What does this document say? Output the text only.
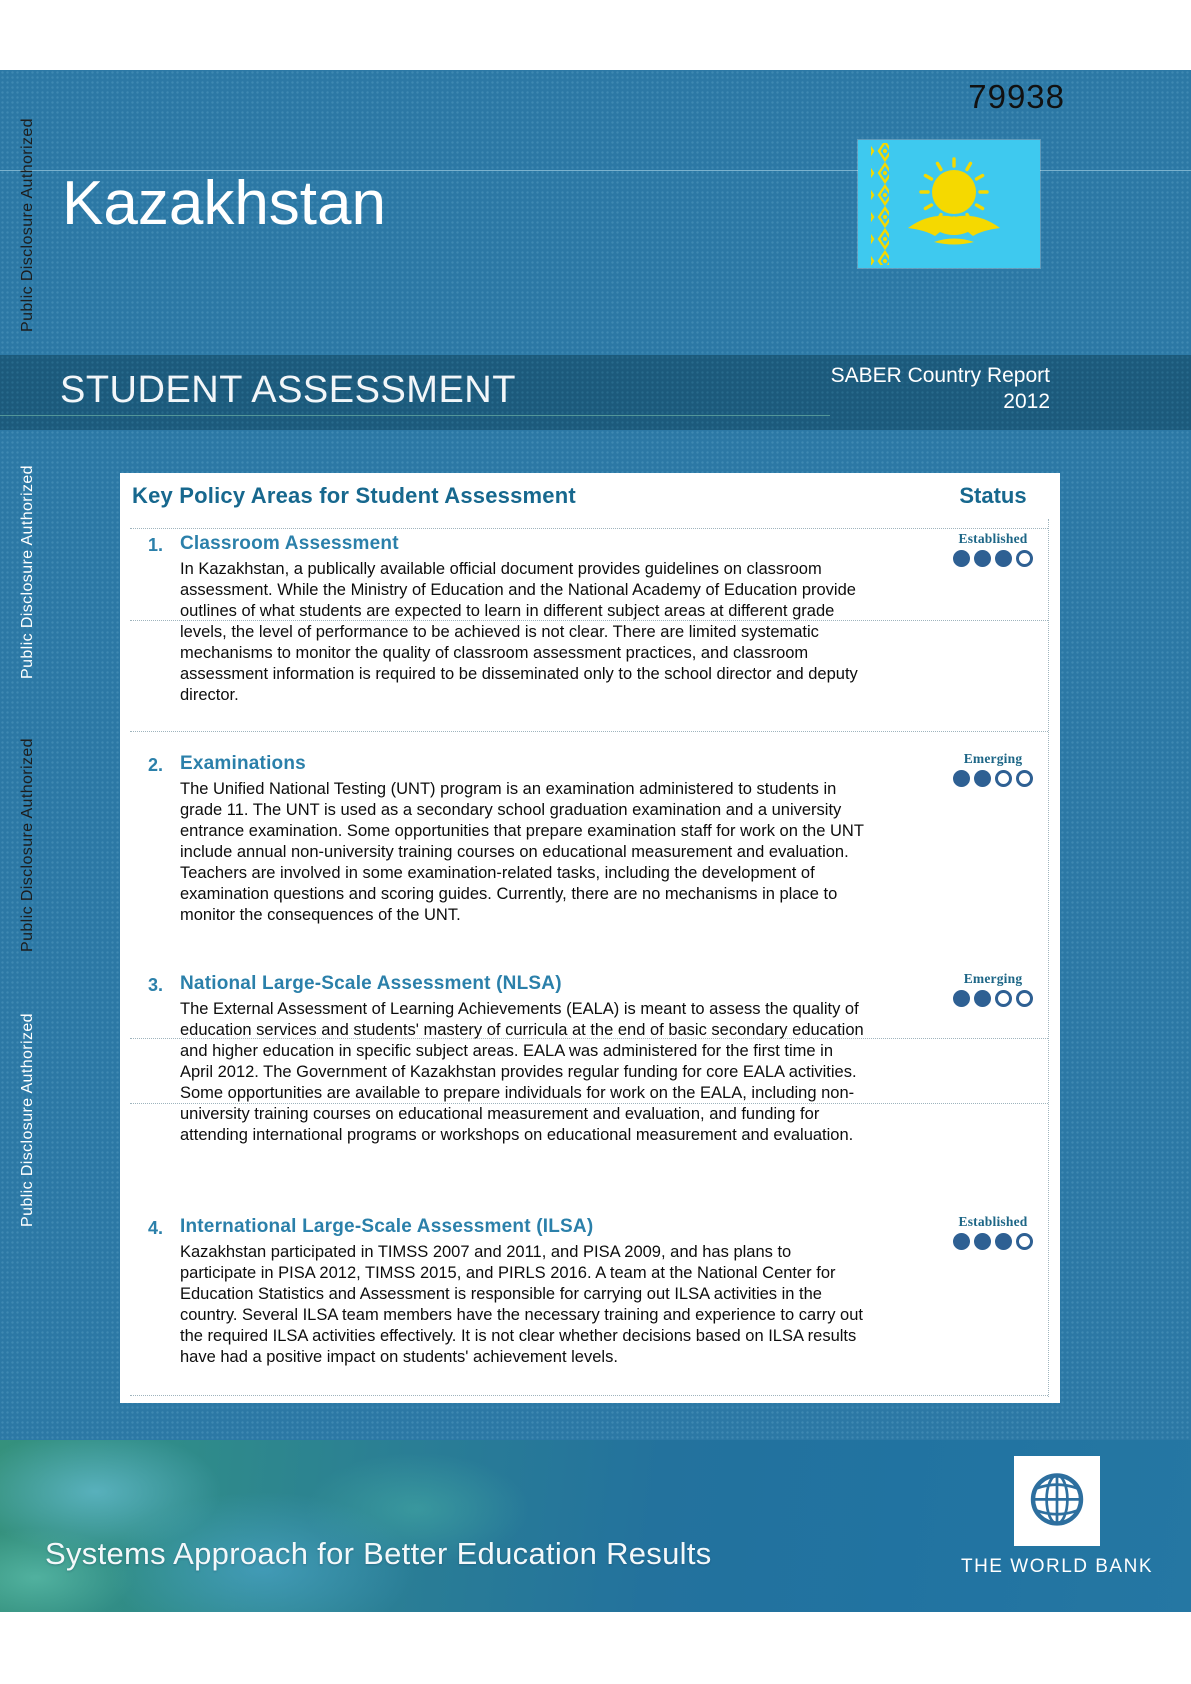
79938
Kazakhstan
STUDENT ASSESSMENT	SABER Country Report
2012
Public Disclosure Authorized
Public Disclosure Authorized
Public Disclosure Authorized
Public Disclosure Authorized
Key Policy Areas for Student Assessment	Status
1. Classroom Assessment
In Kazakhstan, a publically available official document provides guidelines on classroom assessment. While the Ministry of Education and the National Academy of Education provide outlines of what students are expected to learn in different subject areas at different grade levels, the level of performance to be achieved is not clear. There are limited systematic mechanisms to monitor the quality of classroom assessment practices, and classroom assessment information is required to be disseminated only to the school director and deputy director.
Established
2. Examinations
The Unified National Testing (UNT) program is an examination administered to students in grade 11. The UNT is used as a secondary school graduation examination and a university entrance examination. Some opportunities that prepare examination staff for work on the UNT include annual non-university training courses on educational measurement and evaluation. Teachers are involved in some examination-related tasks, including the development of examination questions and scoring guides. Currently, there are no mechanisms in place to monitor the consequences of the UNT.
Emerging
3. National Large-Scale Assessment (NLSA)
The External Assessment of Learning Achievements (EALA) is meant to assess the quality of education services and students' mastery of curricula at the end of basic secondary education and higher education in specific subject areas. EALA was administered for the first time in April 2012. The Government of Kazakhstan provides regular funding for core EALA activities. Some opportunities are available to prepare individuals for work on the EALA, including non-university training courses on educational measurement and evaluation, and funding for attending international programs or workshops on educational measurement and evaluation.
Emerging
4. International Large-Scale Assessment (ILSA)
Kazakhstan participated in TIMSS 2007 and 2011, and PISA 2009, and has plans to participate in PISA 2012, TIMSS 2015, and PIRLS 2016. A team at the National Center for Education Statistics and Assessment is responsible for carrying out ILSA activities in the country. Several ILSA team members have the necessary training and experience to carry out the required ILSA activities effectively. It is not clear whether decisions based on ILSA results have had a positive impact on students' achievement levels.
Established
Systems Approach for Better Education Results	THE WORLD BANK
